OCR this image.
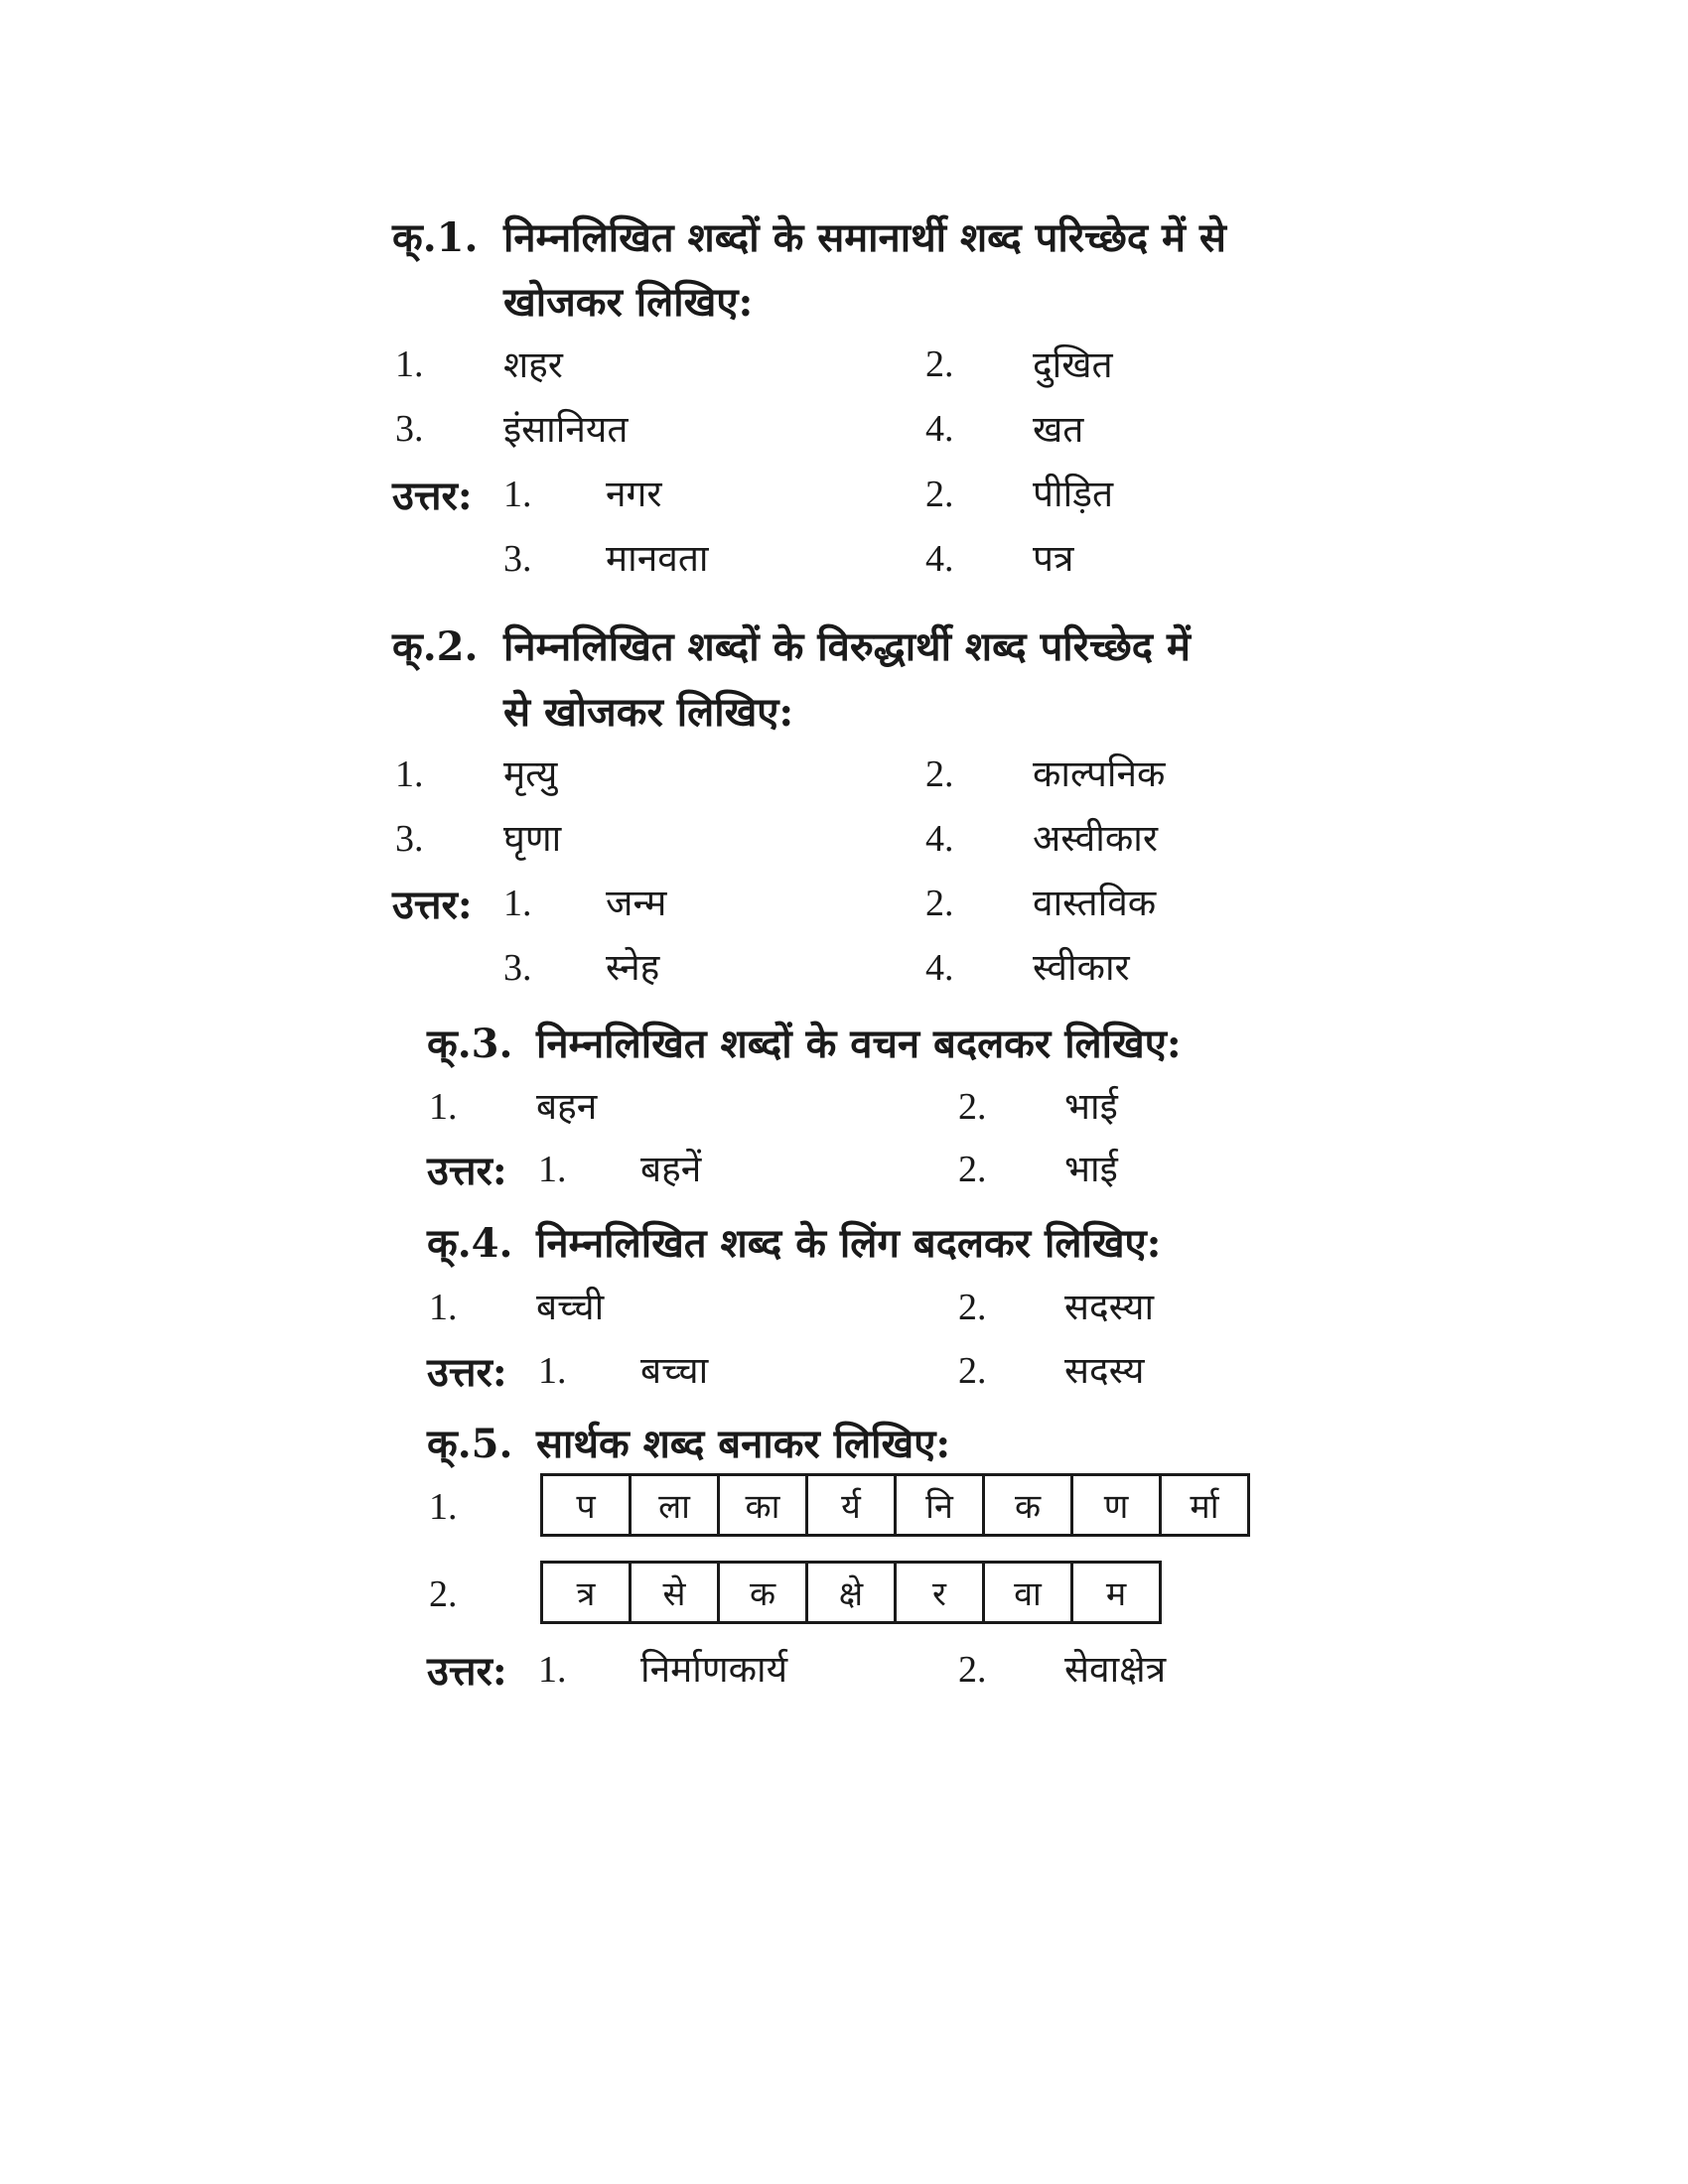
क्.1. निम्नलिखित शब्दों के समानार्थी शब्द परिच्छेद में से
खोजकर लिखिए:
1. शहर	2. दुखित
3. इंसानियत	4. खत
उत्तर: 1. नगर	2. पीड़ित
3. मानवता	4. पत्र
क्.2. निम्नलिखित शब्दों के विरुद्धार्थी शब्द परिच्छेद में
से खोजकर लिखिए:
1. मृत्यु	2. काल्पनिक
3. घृणा	4. अस्वीकार
उत्तर: 1. जन्म	2. वास्तविक
3. स्नेह	4. स्वीकार
क्.3. निम्नलिखित शब्दों के वचन बदलकर लिखिए:
1. बहन	2. भाई
उत्तर: 1. बहनें	2. भाई
क्.4. निम्नलिखित शब्द के लिंग बदलकर लिखिए:
1. बच्ची	2. सदस्या
उत्तर: 1. बच्चा	2. सदस्य
क्.5. सार्थक शब्द बनाकर लिखिए:
1.	प	ला	का	र्य	नि	क	ण	र्मा
2.	त्र	से	क	क्षे	र	वा	म
उत्तर: 1. निर्माणकार्य	2. सेवाक्षेत्र
